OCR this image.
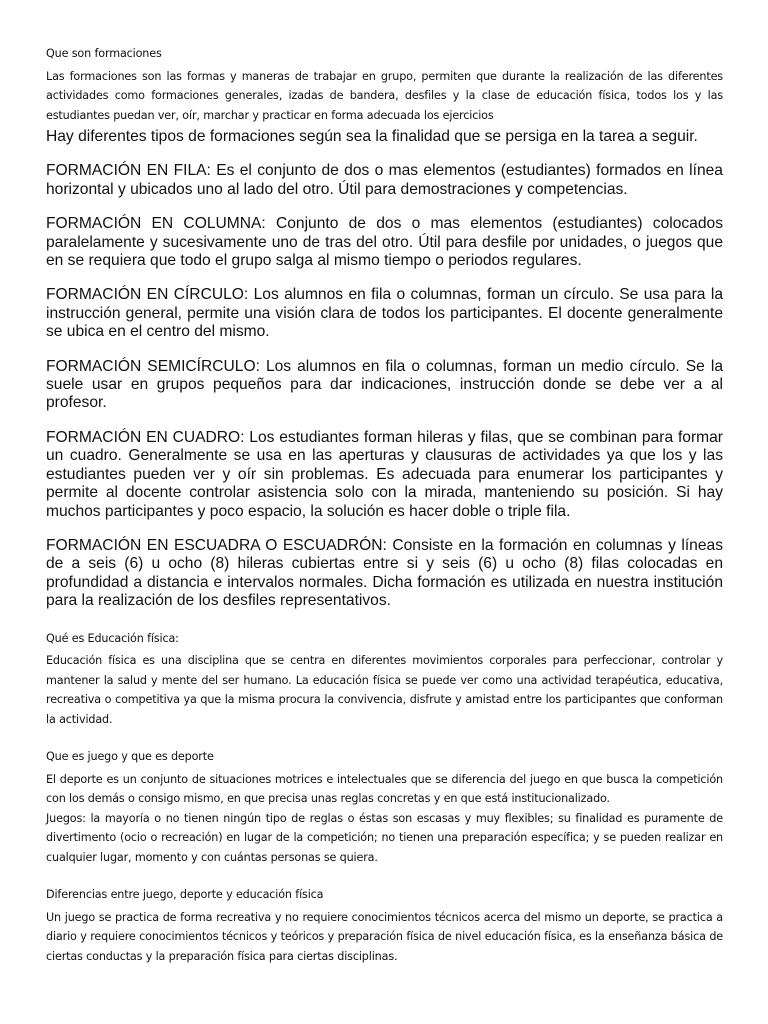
Que son formaciones

Las formaciones son las formas y maneras de trabajar en grupo, permiten que durante la realización de las diferentes actividades como formaciones generales, izadas de bandera, desfiles y la clase de educación física, todos los y las estudiantes puedan ver, oír, marchar y practicar en forma adecuada los ejercicios

Hay diferentes tipos de formaciones según sea la finalidad que se persiga en la tarea a seguir.

FORMACIÓN EN FILA: Es el conjunto de dos o mas elementos (estudiantes) formados en línea horizontal y ubicados uno al lado del otro. Útil para demostraciones y competencias.

FORMACIÓN EN COLUMNA: Conjunto de dos o mas elementos (estudiantes) colocados paralelamente y sucesivamente uno de tras del otro. Útil para desfile por unidades, o juegos que en se requiera que todo el grupo salga al mismo tiempo o periodos regulares.

FORMACIÓN EN CÍRCULO: Los alumnos en fila o columnas, forman un círculo. Se usa para la instrucción general, permite una visión clara de todos los participantes. El docente generalmente se ubica en el centro del mismo.

FORMACIÓN SEMICÍRCULO: Los alumnos en fila o columnas, forman un medio círculo. Se la suele usar en grupos pequeños para dar indicaciones, instrucción donde se debe ver a al profesor.

FORMACIÓN EN CUADRO: Los estudiantes forman hileras y filas, que se combinan para formar un cuadro. Generalmente se usa en las aperturas y clausuras de actividades ya que los y las estudiantes pueden ver y oír sin problemas. Es adecuada para enumerar los participantes y permite al docente controlar asistencia solo con la mirada, manteniendo su posición. Si hay muchos participantes y poco espacio, la solución es hacer doble o triple fila.

FORMACIÓN EN ESCUADRA O ESCUADRÓN: Consiste en la formación en columnas y líneas de a seis (6) u ocho (8) hileras cubiertas entre si y seis (6) u ocho (8) filas colocadas en profundidad a distancia e intervalos normales. Dicha formación es utilizada en nuestra institución para la realización de los desfiles representativos.

Qué es Educación física:

Educación física es una disciplina que se centra en diferentes movimientos corporales para perfeccionar, controlar y mantener la salud y mente del ser humano. La educación física se puede ver como una actividad terapéutica, educativa, recreativa o competitiva ya que la misma procura la convivencia, disfrute y amistad entre los participantes que conforman la actividad.

Que es juego y que es deporte

El deporte es un conjunto de situaciones motrices e intelectuales que se diferencia del juego en que busca la competición con los demás o consigo mismo, en que precisa unas reglas concretas y en que está institucionalizado.

Juegos: la mayoría o no tienen ningún tipo de reglas o éstas son escasas y muy flexibles; su finalidad es puramente de divertimento (ocio o recreación) en lugar de la competición; no tienen una preparación específica; y se pueden realizar en cualquier lugar, momento y con cuántas personas se quiera.

Diferencias entre juego, deporte y educación física

Un juego se practica de forma recreativa y no requiere conocimientos técnicos acerca del mismo un deporte, se practica a diario y requiere conocimientos técnicos y teóricos y preparación física de nivel educación física, es la enseñanza básica de ciertas conductas y la preparación física para ciertas disciplinas.
